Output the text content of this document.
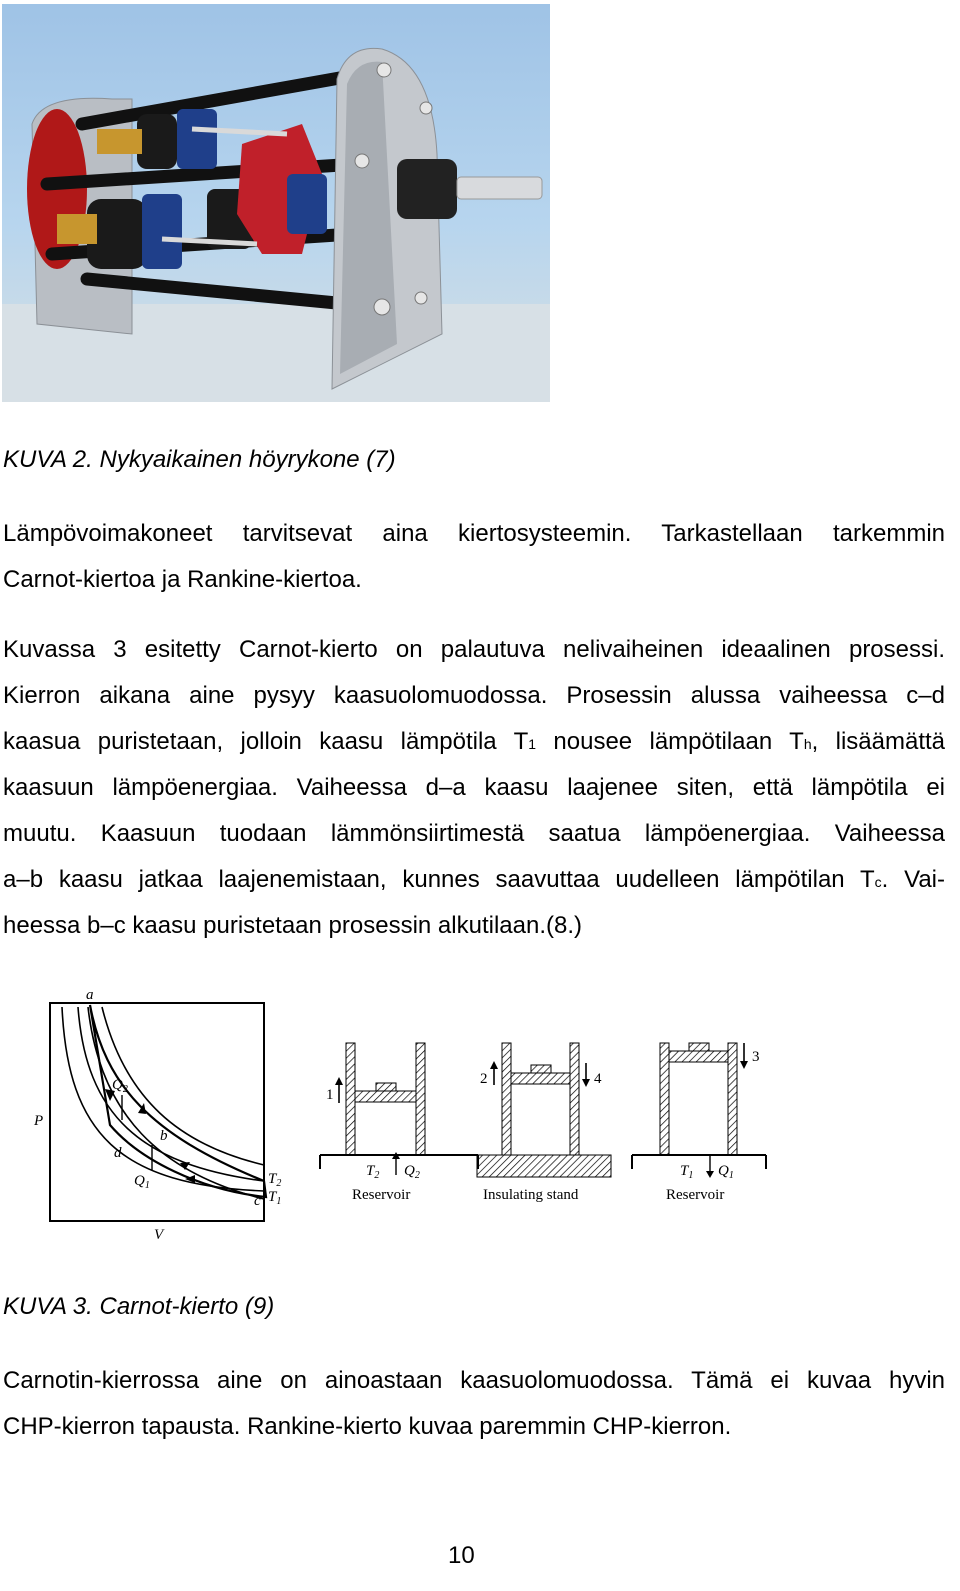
KUVA 2. Nykyaikainen höyrykone (7)
Lämpövoimakoneet tarvitsevat aina kiertosysteemin. Tarkastellaan tarkemmin
Carnot-kiertoa ja Rankine-kiertoa.
Kuvassa 3 esitetty Carnot-kierto on palautuva nelivaiheinen ideaalinen prosessi.
Kierron aikana aine pysyy kaasuolomuodossa. Prosessin alussa vaiheessa c–d
kaasua puristetaan, jolloin kaasu lämpötila T1 nousee lämpötilaan Th, lisäämättä
kaasuun lämpöenergiaa. Vaiheessa d–a kaasu laajenee siten, että lämpötila ei
muutu. Kaasuun tuodaan lämmönsiirtimestä saatua lämpöenergiaa. Vaiheessa
a–b kaasu jatkaa laajenemistaan, kunnes saavuttaa uudelleen lämpötilan Tc. Vai-
heessa b–c kaasu puristetaan prosessin alkutilaan.(8.)
a
b
c
d
$Q_2$
$Q_1$	$T_2$
$T_1$
P
V
1
$T_2$ $Q_2$
Reservoir
2	4
Insulating stand
3
$T_1$ $Q_1$
Reservoir
KUVA 3. Carnot-kierto (9)
Carnotin-kierrossa aine on ainoastaan kaasuolomuodossa. Tämä ei kuvaa hyvin
CHP-kierron tapausta. Rankine-kierto kuvaa paremmin CHP-kierron.
10
